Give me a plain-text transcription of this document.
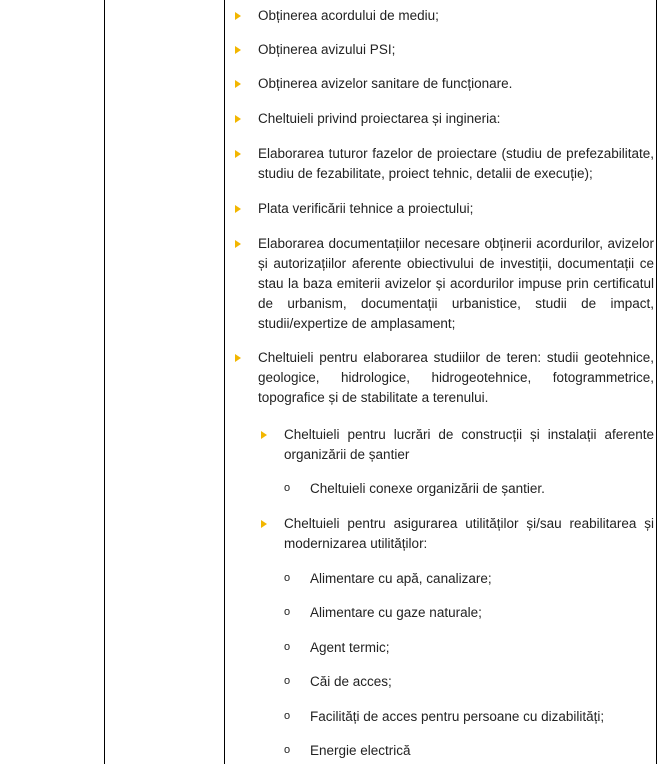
Obținerea acordului de mediu;
Obținerea avizului PSI;
Obținerea avizelor sanitare de funcționare.
Cheltuieli privind proiectarea și ingineria:
Elaborarea tuturor fazelor de proiectare (studiu de prefezabilitate, studiu de fezabilitate, proiect tehnic, detalii de execuție);
Plata verificării tehnice a proiectului;
Elaborarea documentațiilor necesare obținerii acordurilor, avizelor și autorizațiilor aferente obiectivului de investiții, documentații ce stau la baza emiterii avizelor și acordurilor impuse prin certificatul de urbanism, documentații urbanistice, studii de impact, studii/expertize de amplasament;
Cheltuieli pentru elaborarea studiilor de teren: studii geotehnice, geologice, hidrologice, hidrogeotehnice, fotogrammetrice, topografice și de stabilitate a terenului.
Cheltuieli pentru lucrări de construcții și instalații aferente organizării de șantier
o Cheltuieli conexe organizării de șantier.
Cheltuieli pentru asigurarea utilităților și/sau reabilitarea și modernizarea utilităților:
o Alimentare cu apă, canalizare;
o Alimentare cu gaze naturale;
o Agent termic;
o Căi de acces;
o Facilități de acces pentru persoane cu dizabilități;
o Energie electrică
